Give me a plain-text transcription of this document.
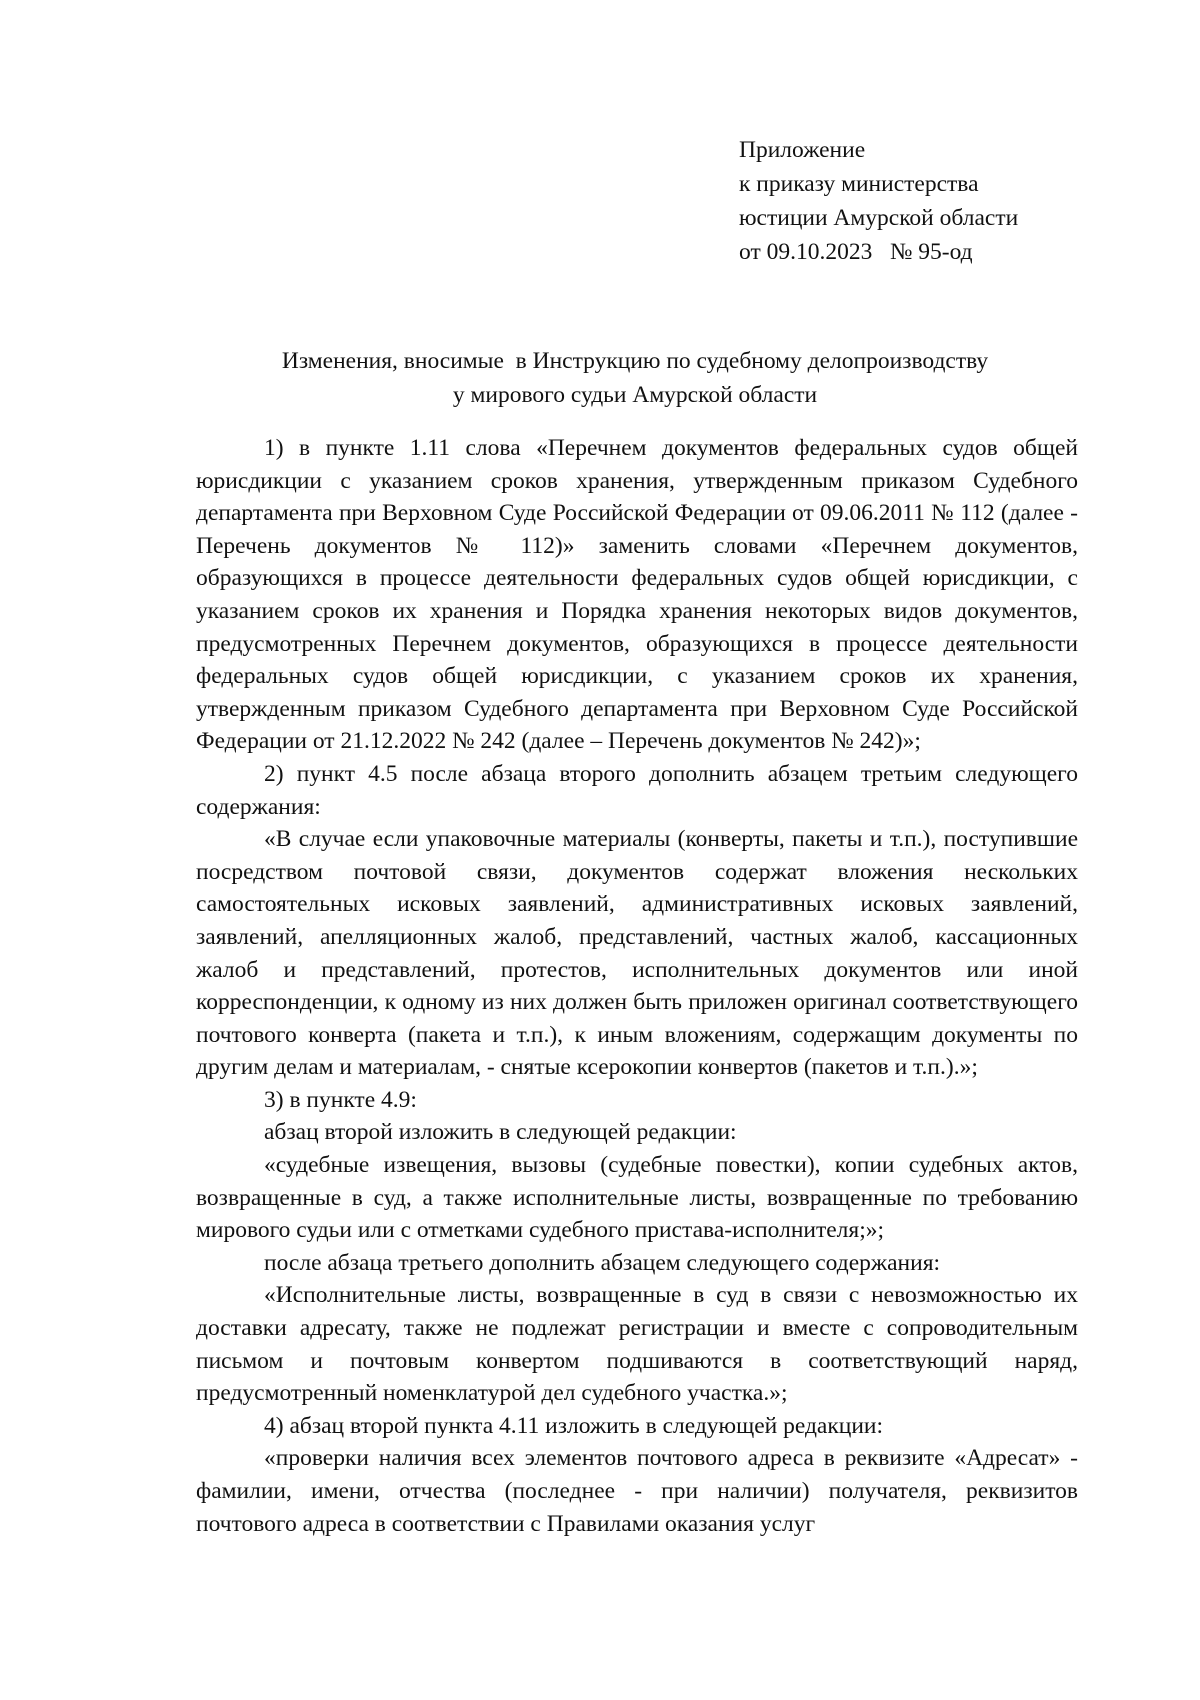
Приложение
к приказу министерства
юстиции Амурской области
от 09.10.2023   № 95-од
Изменения, вносимые  в Инструкцию по судебному делопроизводству
у мирового судьи Амурской области

1) в пункте 1.11 слова «Перечнем документов федеральных судов общей юрисдикции с указанием сроков хранения, утвержденным приказом Судебного департамента при Верховном Суде Российской Федерации от 09.06.2011 № 112 (далее - Перечень документов № 112)» заменить словами «Перечнем документов, образующихся в процессе деятельности федеральных судов общей юрисдикции, с указанием сроков их хранения и Порядка хранения некоторых видов документов, предусмотренных Перечнем документов, образующихся в процессе деятельности федеральных судов общей юрисдикции, с указанием сроков их хранения, утвержденным приказом Судебного департамента при Верховном Суде Российской Федерации от 21.12.2022 № 242 (далее – Перечень документов № 242)»;

2) пункт 4.5 после абзаца второго дополнить абзацем третьим следующего содержания:

«В случае если упаковочные материалы (конверты, пакеты и т.п.), поступившие посредством почтовой связи, документов содержат вложения нескольких самостоятельных исковых заявлений, административных исковых заявлений, заявлений, апелляционных жалоб, представлений, частных жалоб, кассационных жалоб и представлений, протестов, исполнительных документов или иной корреспонденции, к одному из них должен быть приложен оригинал соответствующего почтового конверта (пакета и т.п.), к иным вложениям, содержащим документы по другим делам и материалам, - снятые ксерокопии конвертов (пакетов и т.п.).»;

3) в пункте 4.9:

абзац второй изложить в следующей редакции:

«судебные извещения, вызовы (судебные повестки), копии судебных актов, возвращенные в суд, а также исполнительные листы, возвращенные по требованию мирового судьи или с отметками судебного пристава-исполнителя;»;

после абзаца третьего дополнить абзацем следующего содержания:

«Исполнительные листы, возвращенные в суд в связи с невозможностью их доставки адресату, также не подлежат регистрации и вместе с сопроводительным письмом и почтовым конвертом подшиваются в соответствующий наряд, предусмотренный номенклатурой дел судебного участка.»;

4) абзац второй пункта 4.11 изложить в следующей редакции:

«проверки наличия всех элементов почтового адреса в реквизите «Адресат» - фамилии, имени, отчества (последнее - при наличии) получателя, реквизитов почтового адреса в соответствии с Правилами оказания услуг
